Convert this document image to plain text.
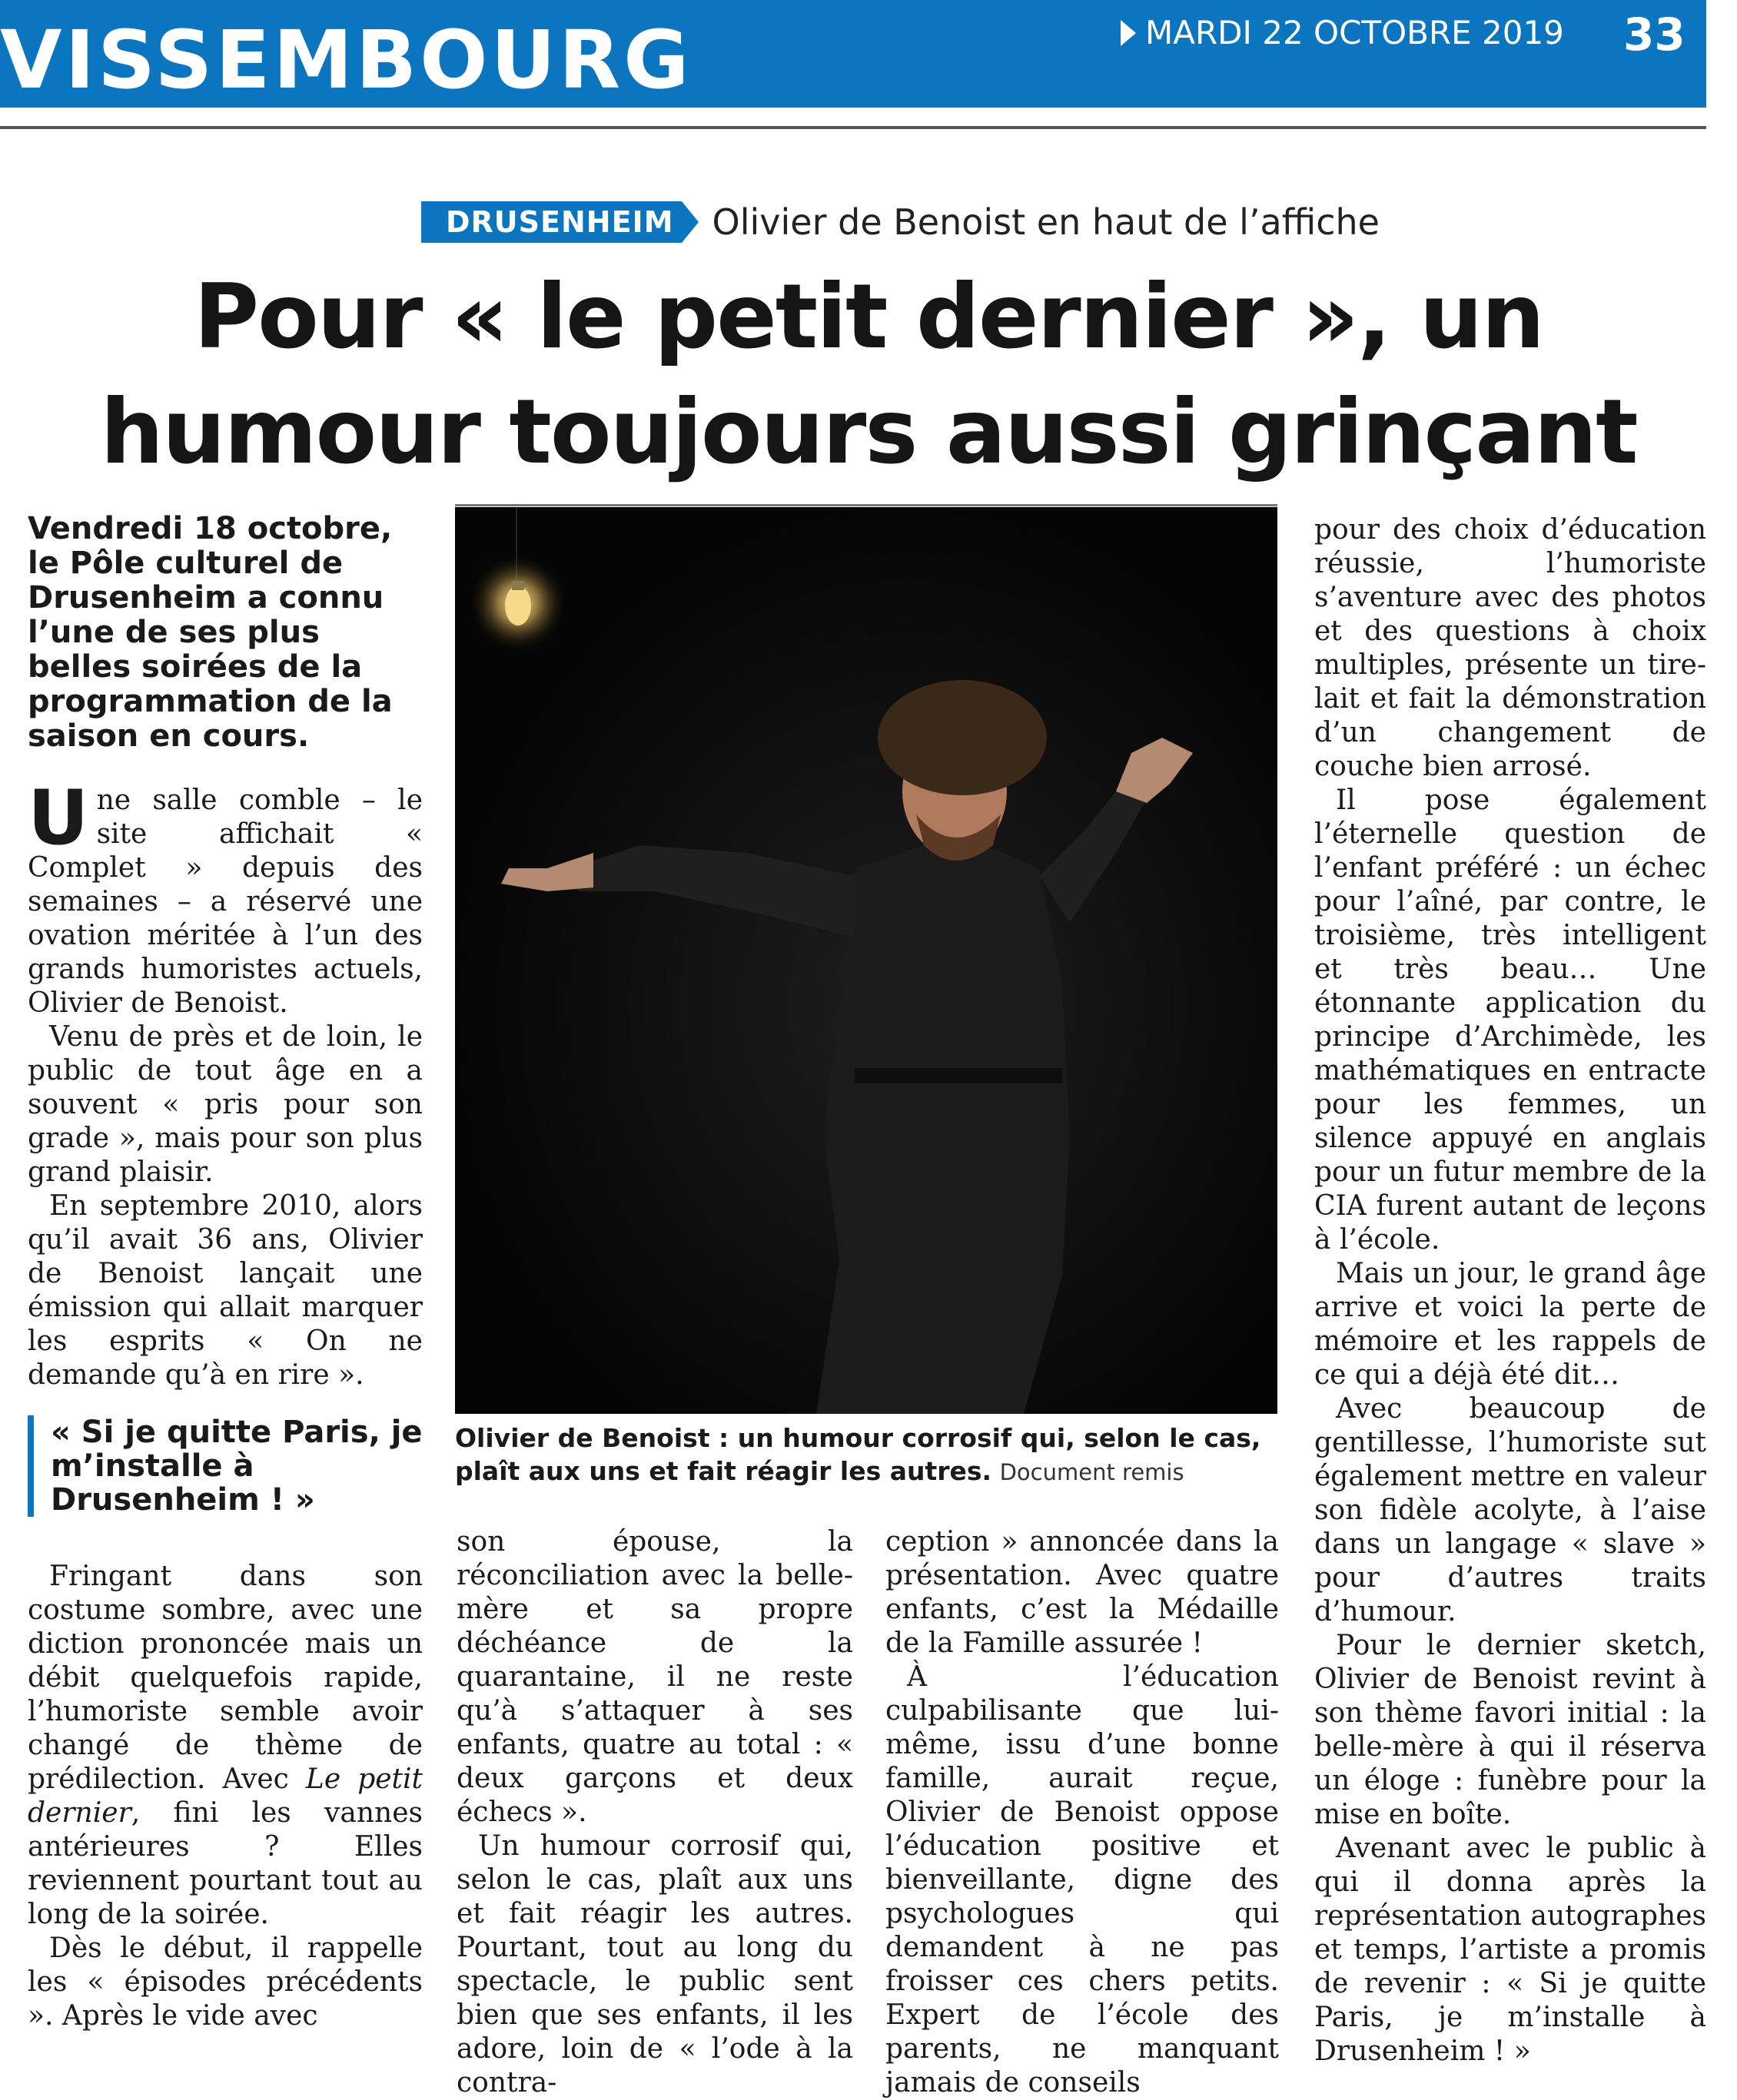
VISSEMBOURG	MARDI 22 OCTOBRE 2019 33
DRUSENHEIM Olivier de Benoist en haut de l’affiche
Pour « le petit dernier », un
humour toujours aussi grinçant

Vendredi 18 octobre, le Pôle culturel de Drusenheim a connu l’une de ses plus belles soirées de la programmation de la saison en cours.

Une salle comble – le site affichait « Complet » depuis des semaines – a réservé une ovation méritée à l’un des grands humoristes actuels, Olivier de Benoist.

Venu de près et de loin, le public de tout âge en a souvent « pris pour son grade », mais pour son plus grand plaisir.

En septembre 2010, alors qu’il avait 36 ans, Olivier de Benoist lançait une émission qui allait marquer les esprits « On ne demande qu’à en rire ».

« Si je quitte Paris, je m’installe à Drusenheim ! »

Fringant dans son costume sombre, avec une diction prononcée mais un débit quelquefois rapide, l’humoriste semble avoir changé de thème de prédilection. Avec Le petit dernier, fini les vannes antérieures ? Elles reviennent pourtant tout au long de la soirée.

Dès le début, il rappelle les « épisodes précédents ». Après le vide avec

Olivier de Benoist : un humour corrosif qui, selon le cas, plaît aux uns et fait réagir les autres. Document remis

son épouse, la réconciliation avec la belle-mère et sa propre déchéance de la quarantaine, il ne reste qu’à s’attaquer à ses enfants, quatre au total : « deux garçons et deux échecs ».

Un humour corrosif qui, selon le cas, plaît aux uns et fait réagir les autres. Pourtant, tout au long du spectacle, le public sent bien que ses enfants, il les adore, loin de « l’ode à la contra-

ception » annoncée dans la présentation. Avec quatre enfants, c’est la Médaille de la Famille assurée !

À l’éducation culpabilisante que lui-même, issu d’une bonne famille, aurait reçue, Olivier de Benoist oppose l’éducation positive et bienveillante, digne des psychologues qui demandent à ne pas froisser ces chers petits. Expert de l’école des parents, ne manquant jamais de conseils

pour des choix d’éducation réussie, l’humoriste s’aventure avec des photos et des questions à choix multiples, présente un tire-lait et fait la démonstration d’un changement de couche bien arrosé.

Il pose également l’éternelle question de l’enfant préféré : un échec pour l’aîné, par contre, le troisième, très intelligent et très beau… Une étonnante application du principe d’Archimède, les mathématiques en entracte pour les femmes, un silence appuyé en anglais pour un futur membre de la CIA furent autant de leçons à l’école.

Mais un jour, le grand âge arrive et voici la perte de mémoire et les rappels de ce qui a déjà été dit…

Avec beaucoup de gentillesse, l’humoriste sut également mettre en valeur son fidèle acolyte, à l’aise dans un langage « slave » pour d’autres traits d’humour.

Pour le dernier sketch, Olivier de Benoist revint à son thème favori initial : la belle-mère à qui il réserva un éloge : funèbre pour la mise en boîte.

Avenant avec le public à qui il donna après la représentation autographes et temps, l’artiste a promis de revenir : « Si je quitte Paris, je m’installe à Drusenheim ! »
